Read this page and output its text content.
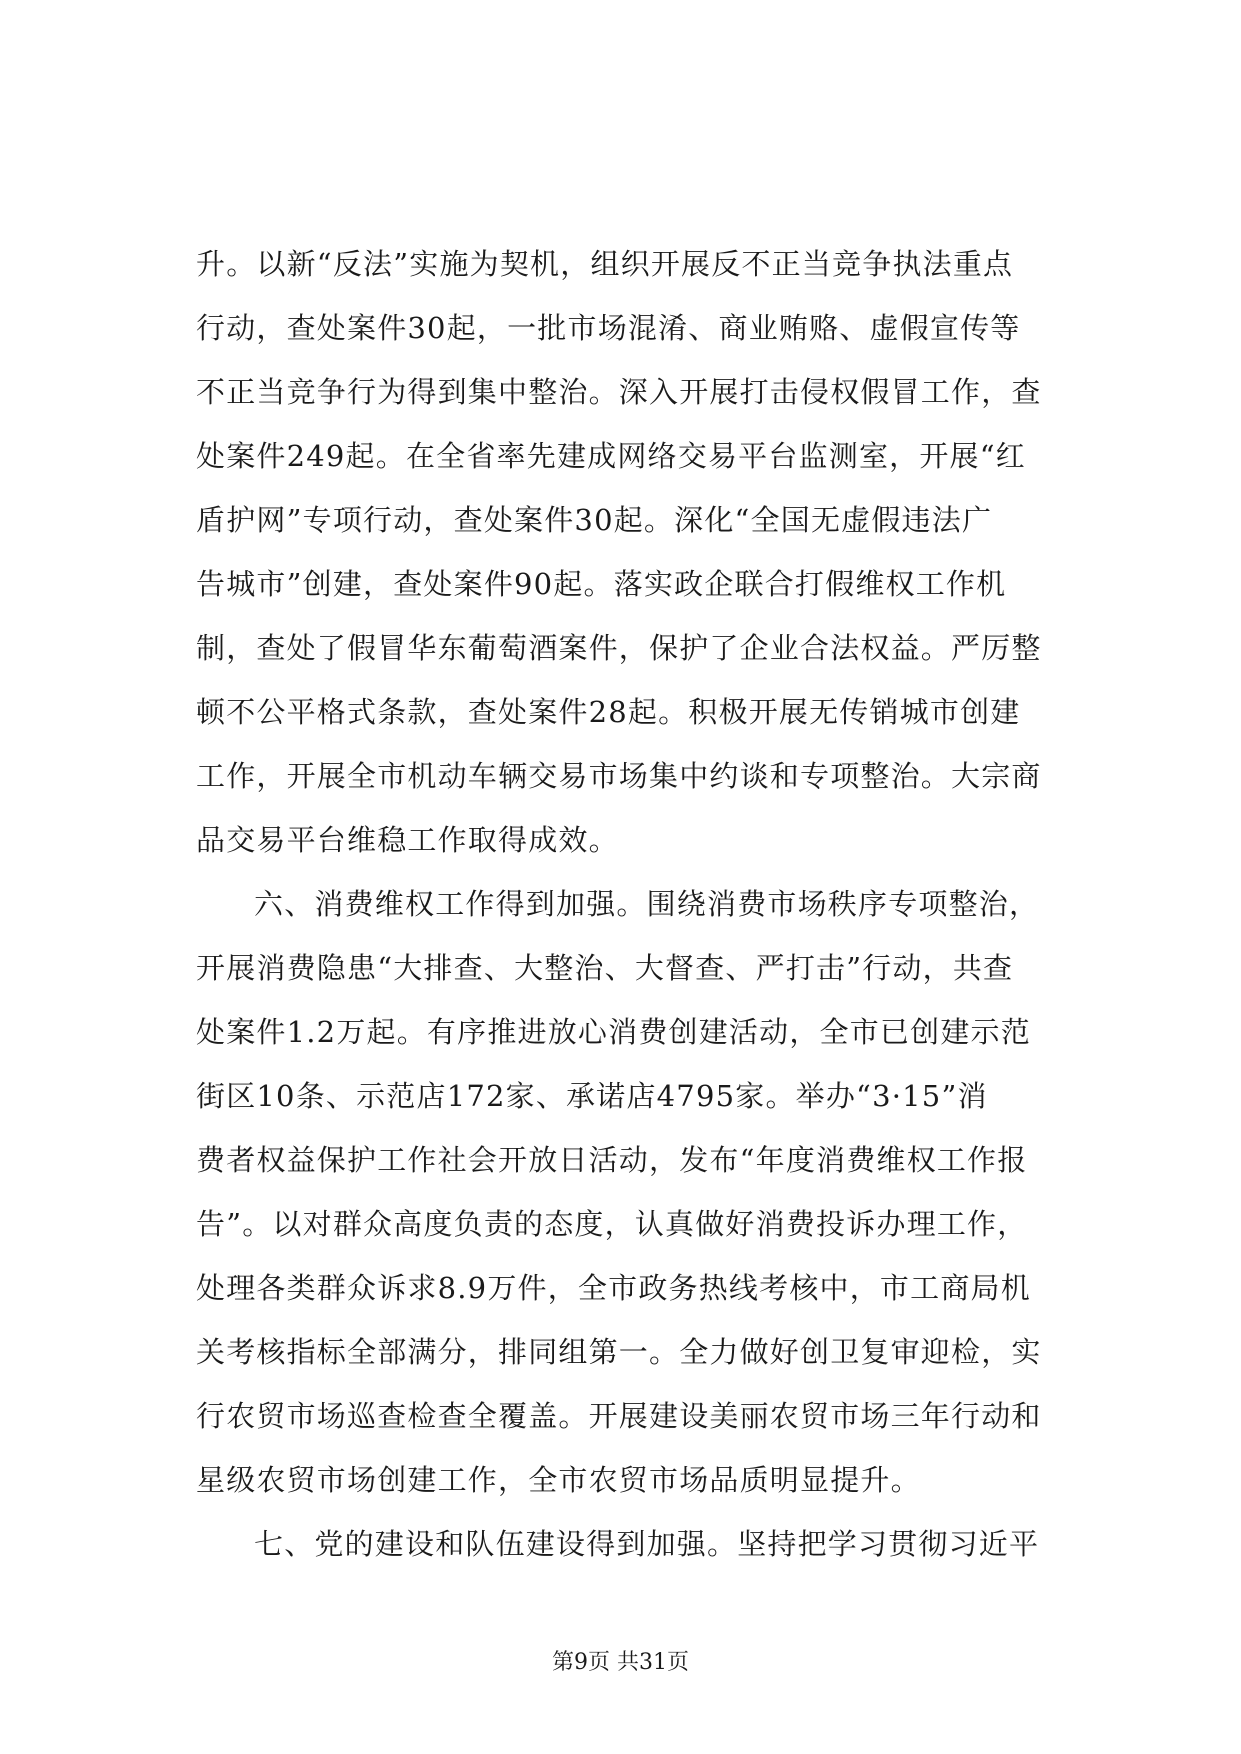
升。以新“反法”实施为契机，组织开展反不正当竞争执法重点
行动，查处案件30起，一批市场混淆、商业贿赂、虚假宣传等
不正当竞争行为得到集中整治。深入开展打击侵权假冒工作，查
处案件249起。在全省率先建成网络交易平台监测室，开展“红
盾护网”专项行动，查处案件30起。深化“全国无虚假违法广
告城市”创建，查处案件90起。落实政企联合打假维权工作机
制，查处了假冒华东葡萄酒案件，保护了企业合法权益。严厉整
顿不公平格式条款，查处案件28起。积极开展无传销城市创建
工作，开展全市机动车辆交易市场集中约谈和专项整治。大宗商
品交易平台维稳工作取得成效。
六、消费维权工作得到加强。围绕消费市场秩序专项整治，
开展消费隐患“大排查、大整治、大督查、严打击”行动，共查
处案件1.2万起。有序推进放心消费创建活动，全市已创建示范
街区10条、示范店172家、承诺店4795家。举办“3·15”消
费者权益保护工作社会开放日活动，发布“年度消费维权工作报
告”。以对群众高度负责的态度，认真做好消费投诉办理工作，
处理各类群众诉求8.9万件，全市政务热线考核中，市工商局机
关考核指标全部满分，排同组第一。全力做好创卫复审迎检，实
行农贸市场巡查检查全覆盖。开展建设美丽农贸市场三年行动和
星级农贸市场创建工作，全市农贸市场品质明显提升。
七、党的建设和队伍建设得到加强。坚持把学习贯彻习近平
第9页 共31页
